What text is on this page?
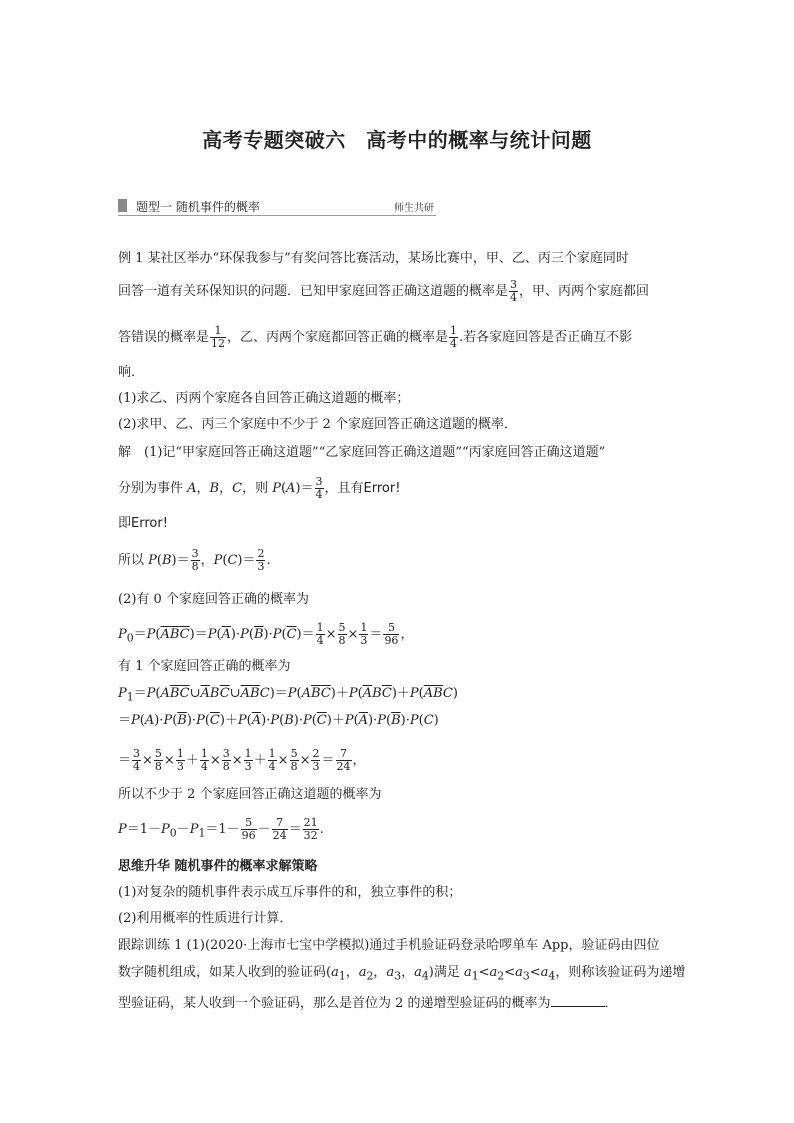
高考专题突破六　高考中的概率与统计问题
题型一 随机事件的概率	师生共研
例 1 某社区举办“环保我参与”有奖问答比赛活动，某场比赛中，甲、乙、丙三个家庭同时
回答一道有关环保知识的问题．已知甲家庭回答正确这道题的概率是 $\frac{3}{4}$ ，甲、丙两个家庭都回
答错误的概率是 $\frac{1}{12}$ ，乙、丙两个家庭都回答正确的概率是 $\frac{1}{4}$ .若各家庭回答是否正确互不影
响．
(1)求乙、丙两个家庭各自回答正确这道题的概率；
(2)求甲、乙、丙三个家庭中不少于 2 个家庭回答正确这道题的概率．
解　(1)记“甲家庭回答正确这道题”“乙家庭回答正确这道题”“丙家庭回答正确这道题”
分别为事件 A，B，C，则 $P(A)= \frac{3}{4}$ ，且有Error!
即Error!
所以 $P(B)= \frac{3}{8}$ ，$P(C)= \frac{2}{3}$ .
(2)有 0 个家庭回答正确的概率为
$P_0=P(\overline{A}\overline{B}\overline{C})=P(\overline{A})\cdot P(\overline{B})\cdot P(\overline{C})= \frac{1}{4} \times \frac{5}{8} \times \frac{1}{3} = \frac{5}{96}$ ，
有 1 个家庭回答正确的概率为
$P_1=P(A\overline{B}\overline{C}\cup\overline{A}B\overline{C}\cup\overline{A}\overline{B}C)=P(A\overline{B}\overline{C})+P(\overline{A}B\overline{C})+P(\overline{A}\overline{B}C)$
$=P(A)\cdot P(\overline{B})\cdot P(\overline{C})+P(\overline{A})\cdot P(B)\cdot P(\overline{C})+P(\overline{A})\cdot P(\overline{B})\cdot P(C)$
＝ $\frac{3}{4} \times \frac{5}{8} \times \frac{1}{3} + \frac{1}{4} \times \frac{3}{8} \times \frac{1}{3} + \frac{1}{4} \times \frac{5}{8} \times \frac{2}{3} = \frac{7}{24}$ ，
所以不少于 2 个家庭回答正确这道题的概率为
$P=1-P_0-P_1=1- \frac{5}{96} - \frac{7}{24} = \frac{21}{32}$ .
思维升华 随机事件的概率求解策略
(1)对复杂的随机事件表示成互斥事件的和，独立事件的积；
(2)利用概率的性质进行计算．
跟踪训练 1 (1)(2020·上海市七宝中学模拟)通过手机验证码登录哈啰单车 App，验证码由四位
数字随机组成，如某人收到的验证码($a_1$，$a_2$，$a_3$，$a_4$)满足 $a_1<a_2<a_3<a_4$，则称该验证码为递增
型验证码，某人收到一个验证码，那么是首位为 2 的递增型验证码的概率为	．
